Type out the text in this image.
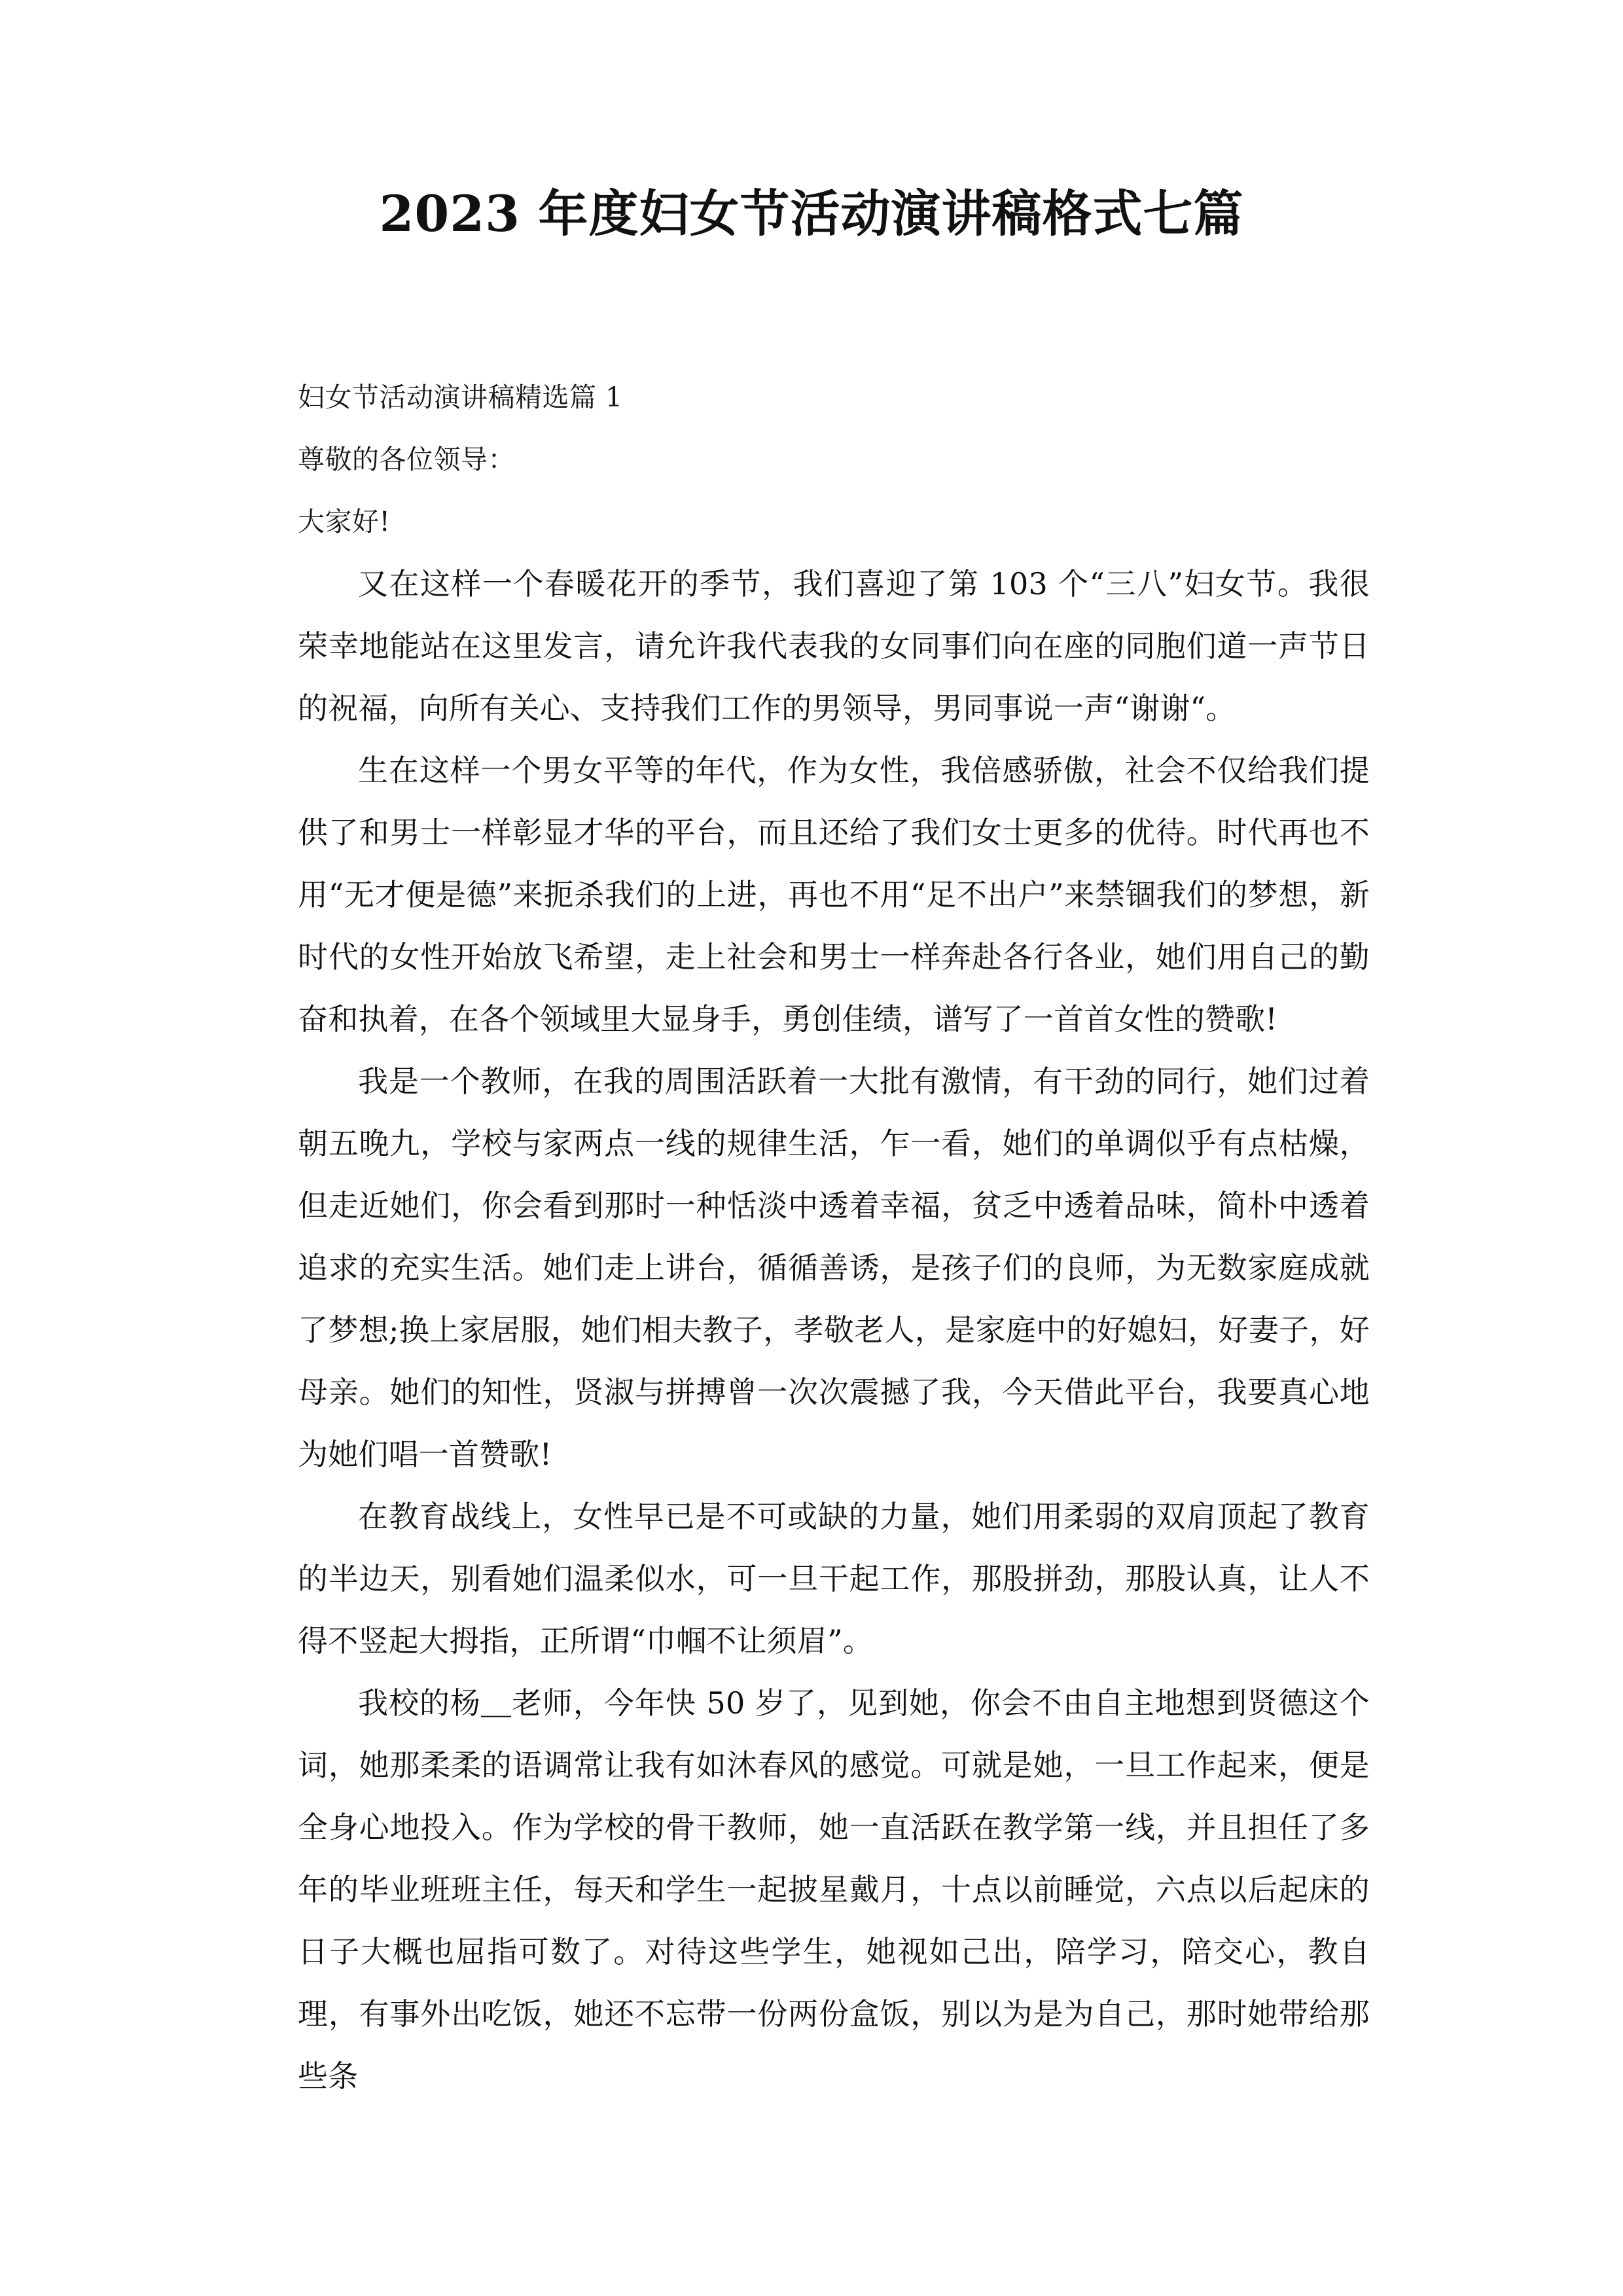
2023 年度妇女节活动演讲稿格式七篇
妇女节活动演讲稿精选篇 1
尊敬的各位领导：
大家好!

又在这样一个春暖花开的季节，我们喜迎了第 103 个“三八”妇女节。我很荣幸地能站在这里发言，请允许我代表我的女同事们向在座的同胞们道一声节日的祝福，向所有关心、支持我们工作的男领导，男同事说一声“谢谢“。

生在这样一个男女平等的年代，作为女性，我倍感骄傲，社会不仅给我们提供了和男士一样彰显才华的平台，而且还给了我们女士更多的优待。时代再也不用“无才便是德”来扼杀我们的上进，再也不用“足不出户”来禁锢我们的梦想，新时代的女性开始放飞希望，走上社会和男士一样奔赴各行各业，她们用自己的勤奋和执着，在各个领域里大显身手，勇创佳绩，谱写了一首首女性的赞歌!

我是一个教师，在我的周围活跃着一大批有激情，有干劲的同行，她们过着朝五晚九，学校与家两点一线的规律生活，乍一看，她们的单调似乎有点枯燥，但走近她们，你会看到那时一种恬淡中透着幸福，贫乏中透着品味，简朴中透着追求的充实生活。她们走上讲台，循循善诱，是孩子们的良师，为无数家庭成就了梦想;换上家居服，她们相夫教子，孝敬老人，是家庭中的好媳妇，好妻子，好母亲。她们的知性，贤淑与拼搏曾一次次震撼了我，今天借此平台，我要真心地为她们唱一首赞歌!

在教育战线上，女性早已是不可或缺的力量，她们用柔弱的双肩顶起了教育的半边天，别看她们温柔似水，可一旦干起工作，那股拼劲，那股认真，让人不得不竖起大拇指，正所谓“巾帼不让须眉”。

我校的杨＿老师，今年快 50 岁了，见到她，你会不由自主地想到贤德这个词，她那柔柔的语调常让我有如沐春风的感觉。可就是她，一旦工作起来，便是全身心地投入。作为学校的骨干教师，她一直活跃在教学第一线，并且担任了多年的毕业班班主任，每天和学生一起披星戴月，十点以前睡觉，六点以后起床的日子大概也屈指可数了。对待这些学生，她视如己出，陪学习，陪交心，教自理，有事外出吃饭，她还不忘带一份两份盒饭，别以为是为自己，那时她带给那些条
